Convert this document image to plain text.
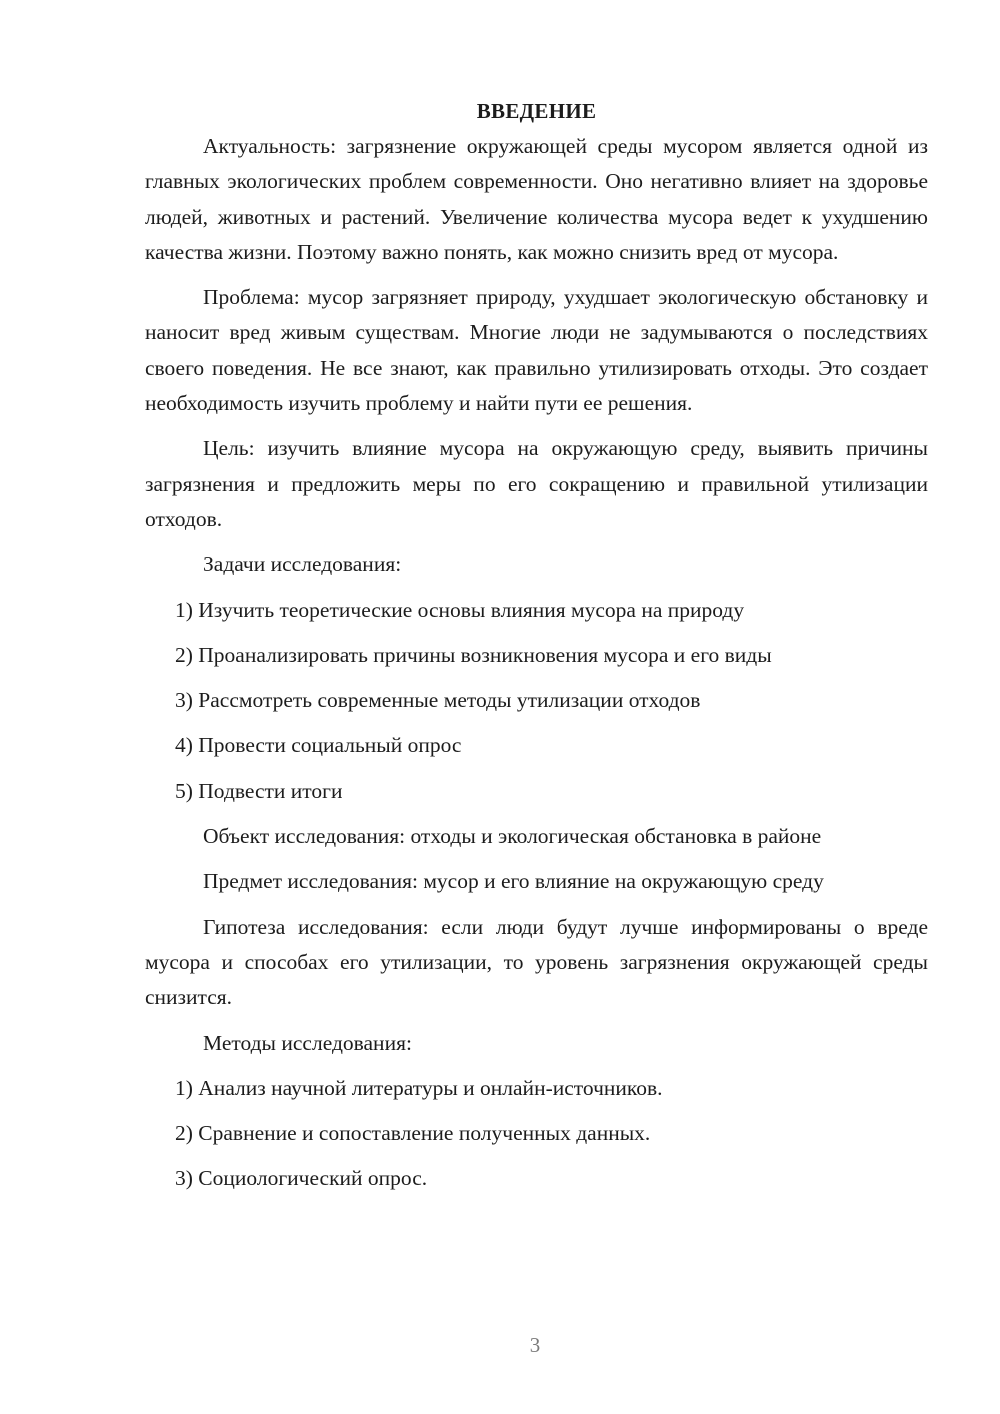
ВВЕДЕНИЕ

Актуальность: загрязнение окружающей среды мусором является одной из главных экологических проблем современности. Оно негативно влияет на здоровье людей, животных и растений. Увеличение количества мусора ведет к ухудшению качества жизни. Поэтому важно понять, как можно снизить вред от мусора.

Проблема: мусор загрязняет природу, ухудшает экологическую обстановку и наносит вред живым существам. Многие люди не задумываются о последствиях своего поведения. Не все знают, как правильно утилизировать отходы. Это создает необходимость изучить проблему и найти пути ее решения.

Цель: изучить влияние мусора на окружающую среду, выявить причины загрязнения и предложить меры по его сокращению и правильной утилизации отходов.

Задачи исследования:
1) Изучить теоретические основы влияния мусора на природу
2) Проанализировать причины возникновения мусора и его виды
3) Рассмотреть современные методы утилизации отходов
4) Провести социальный опрос
5) Подвести итоги
Объект исследования: отходы и экологическая обстановка в районе
Предмет исследования: мусор и его влияние на окружающую среду

Гипотеза исследования: если люди будут лучше информированы о вреде мусора и способах его утилизации, то уровень загрязнения окружающей среды снизится.

Методы исследования:
1) Анализ научной литературы и онлайн-источников.
2) Сравнение и сопоставление полученных данных.
3) Социологический опрос.
3
